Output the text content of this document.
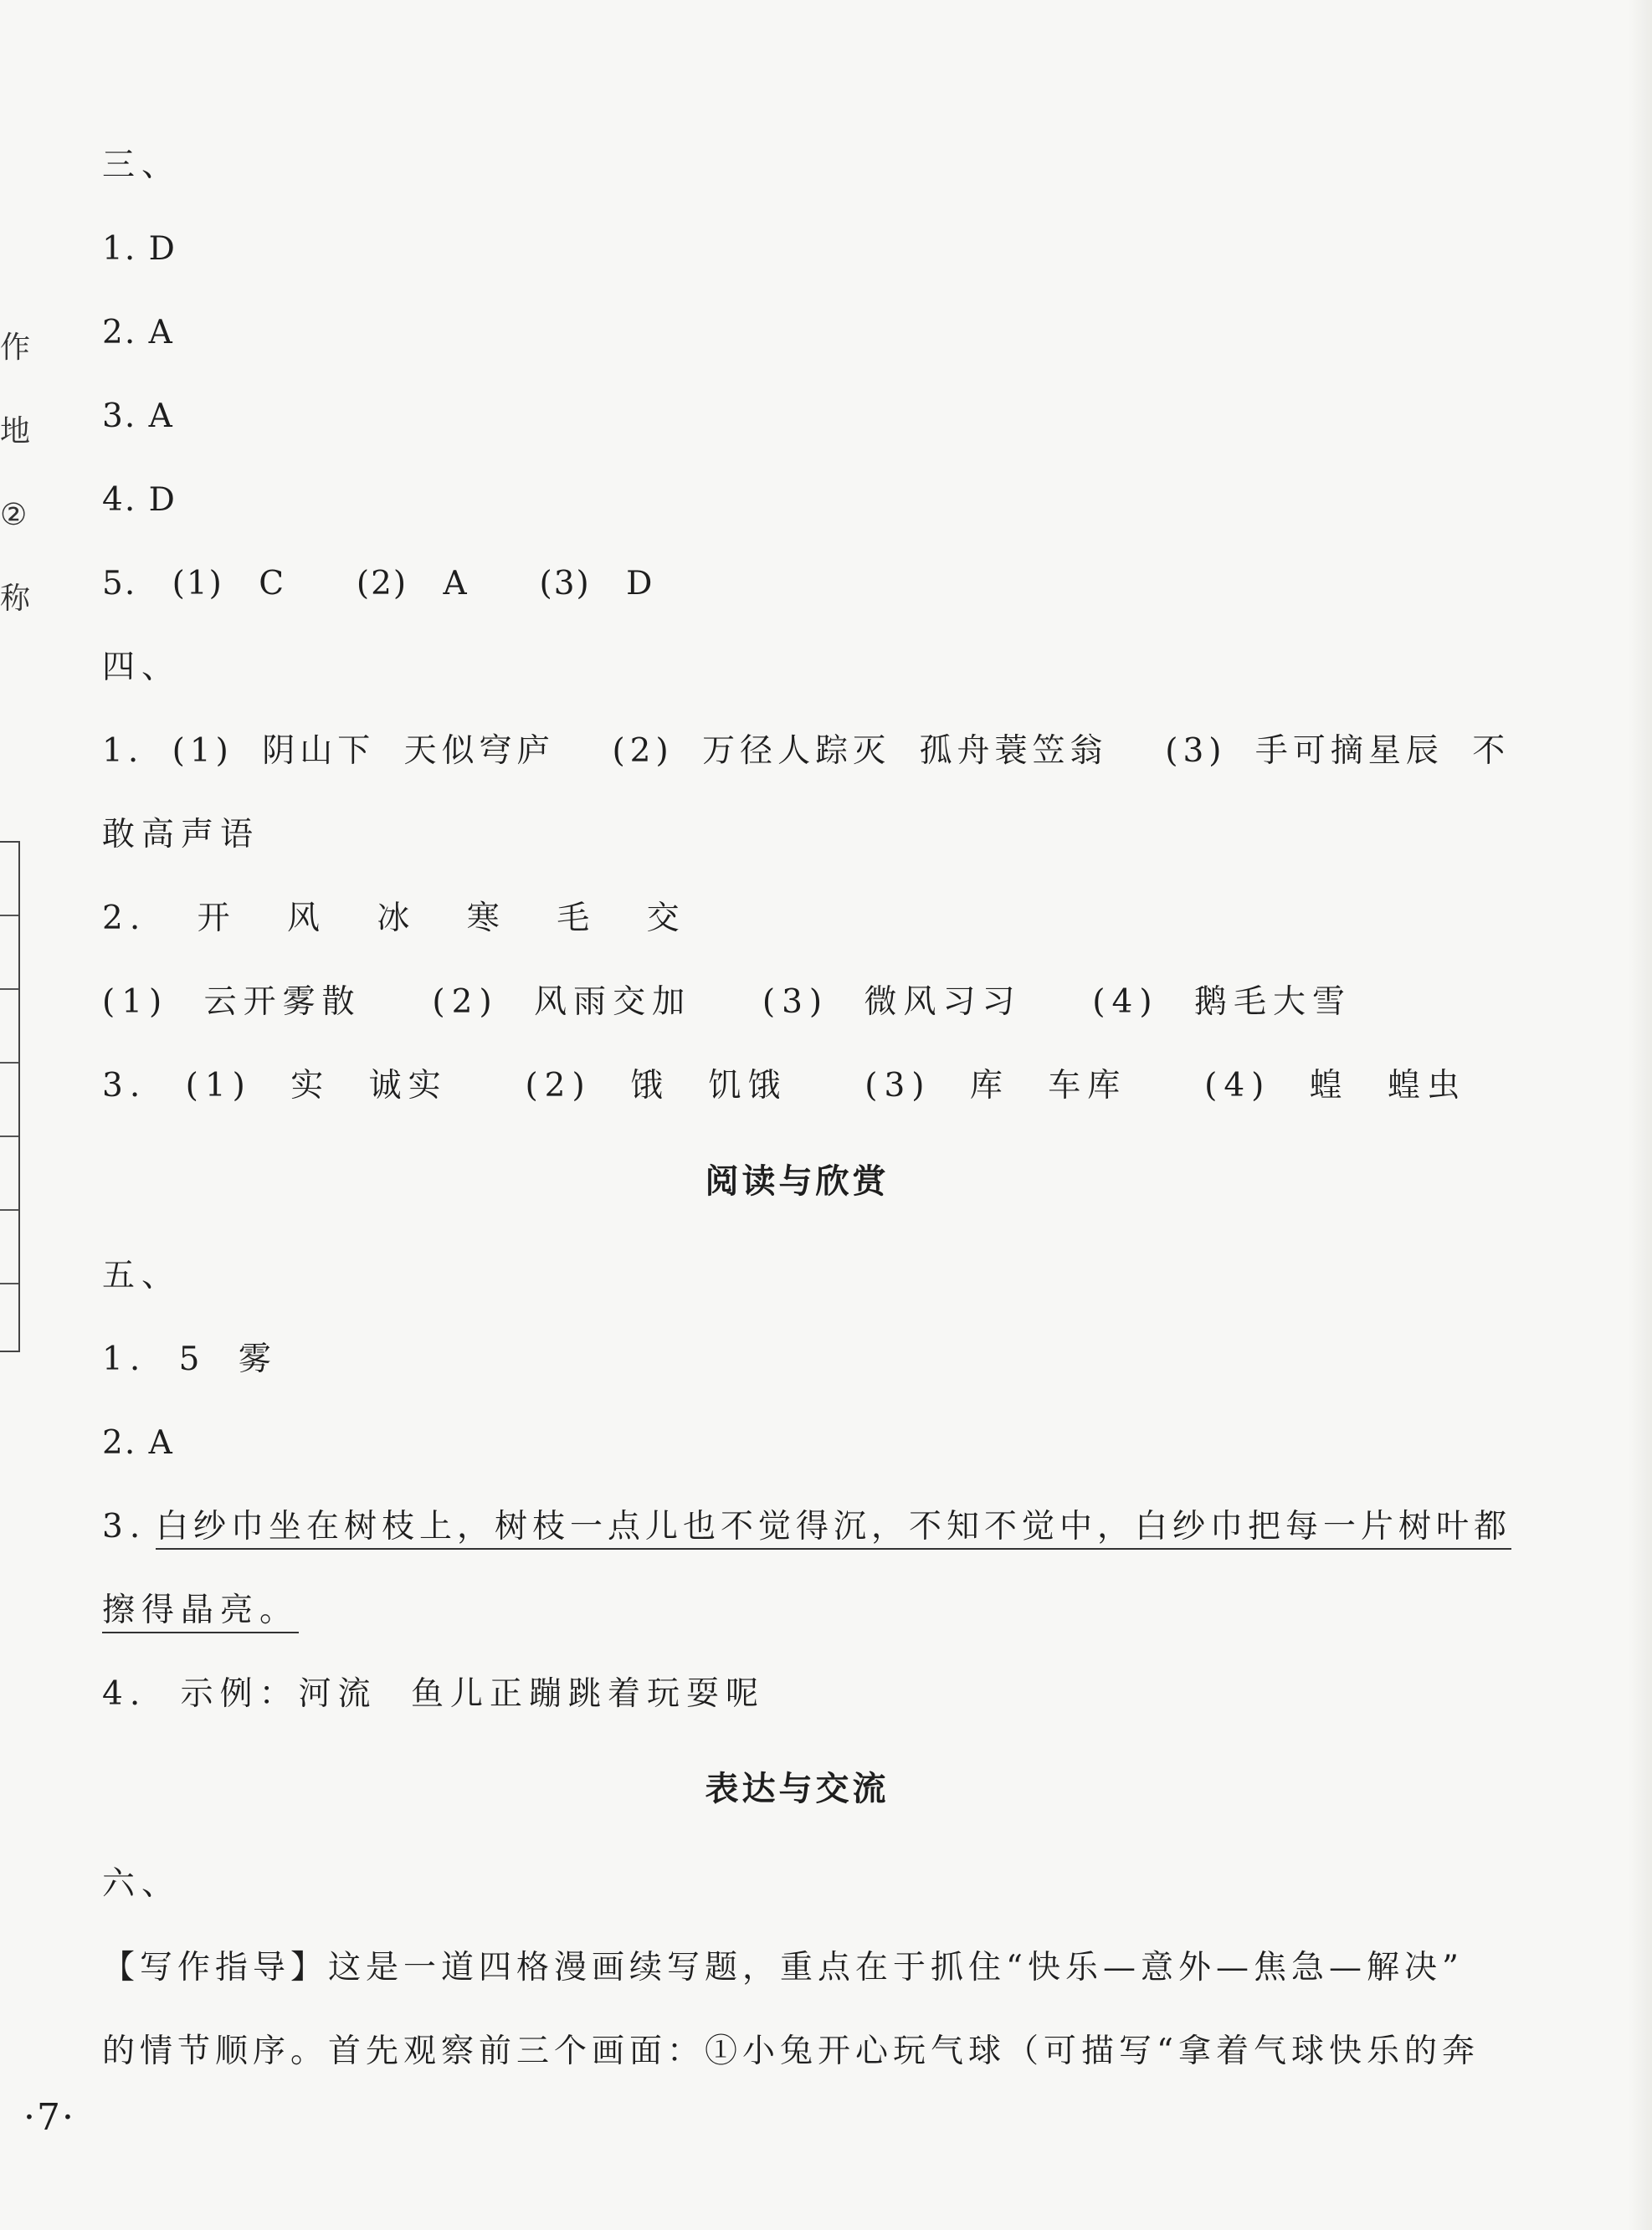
作
地
②
称
三、
1. D
2. A
3. A
4. D
5. (1) C  (2) A  (3) D
四、
1. (1) 阴山下 天似穹庐  (2) 万径人踪灭 孤舟蓑笠翁  (3) 手可摘星辰 不
敢高声语
2. 开 风 冰 寒 毛 交
(1) 云开雾散  (2) 风雨交加  (3) 微风习习  (4) 鹅毛大雪
3. (1) 实 诚实  (2) 饿 饥饿  (3) 库 车库  (4) 蝗 蝗虫
阅读与欣赏
五、
1. 5 雾
2. A
3. 白纱巾坐在树枝上，树枝一点儿也不觉得沉，不知不觉中，白纱巾把每一片树叶都
擦得晶亮。
4. 示例：河流 鱼儿正蹦跳着玩耍呢
表达与交流
六、
【写作指导】这是一道四格漫画续写题，重点在于抓住“快乐—意外—焦急—解决”
的情节顺序。首先观察前三个画面：①小兔开心玩气球（可描写“拿着气球快乐的奔
·7·
